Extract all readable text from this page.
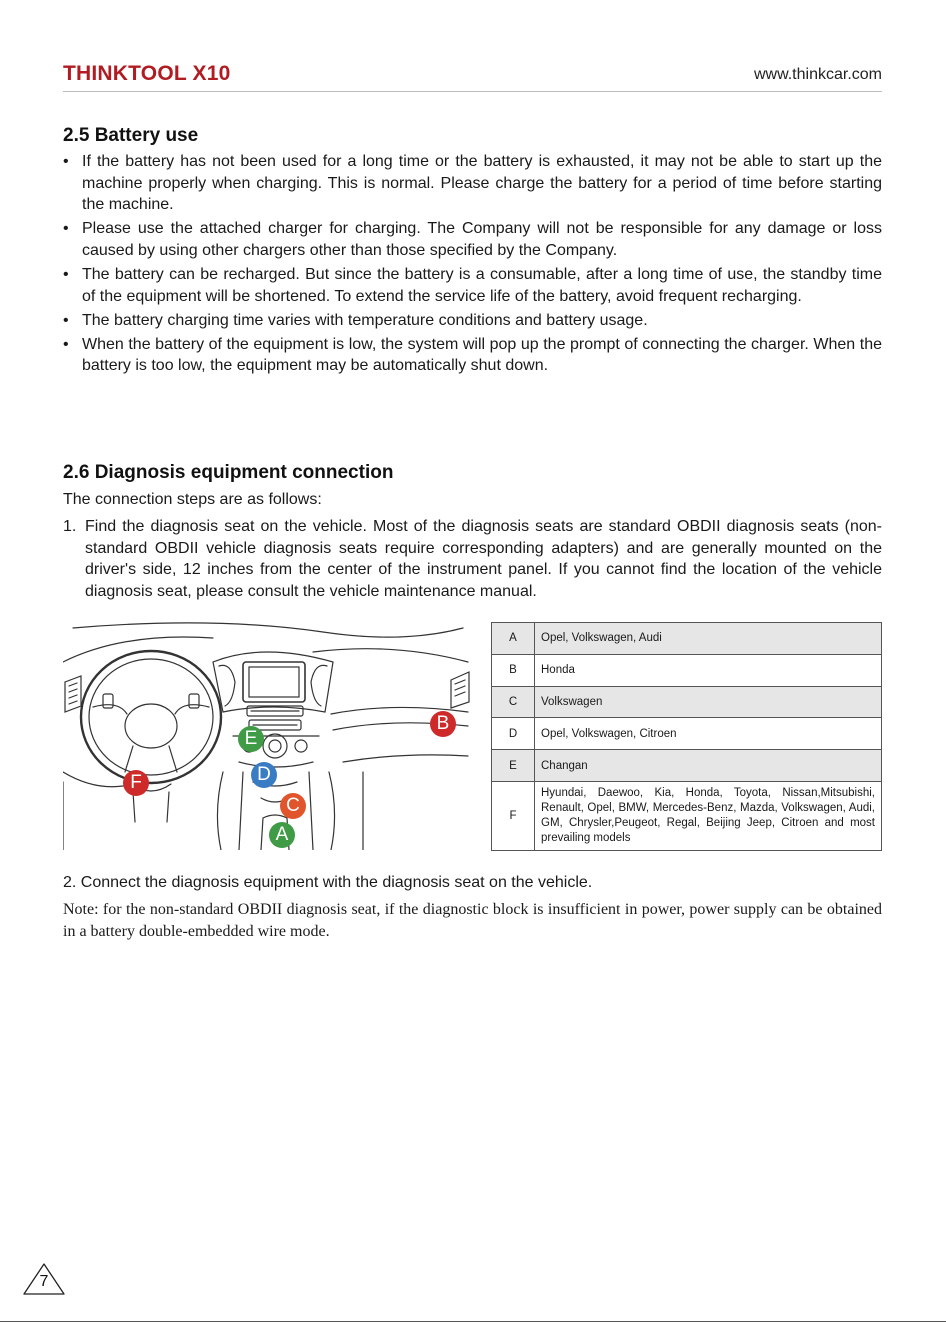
THINKTOOL X10	www.thinkcar.com
2.5 Battery use
• If the battery has not been used for a long time or the battery is exhausted, it may not be able to start up the machine properly when charging. This is normal. Please charge the battery for a period of time before starting the machine.
• Please use the attached charger for charging. The Company will not be responsible for any damage or loss caused by using other chargers other than those specified by the Company.
• The battery can be recharged. But since the battery is a consumable, after a long time of use, the standby time of the equipment will be shortened. To extend the service life of the battery, avoid frequent recharging.
• The battery charging time varies with temperature conditions and battery usage.
• When the battery of the equipment is low, the system will pop up the prompt of connecting the charger. When the battery is too low, the equipment may be automatically shut down.
2.6 Diagnosis equipment connection
The connection steps are as follows:
1. Find the diagnosis seat on the vehicle. Most of the diagnosis seats are standard OBDII diagnosis seats (non-standard OBDII vehicle diagnosis seats require corresponding adapters) and are generally mounted on the driver's side, 12 inches from the center of the instrument panel. If you cannot find the location of the vehicle diagnosis seat, please consult the vehicle maintenance manual.
A
B
C
D
E
F
A	Opel, Volkswagen, Audi
B	Honda
C	Volkswagen
D	Opel, Volkswagen, Citroen
E	Changan
F	Hyundai, Daewoo, Kia, Honda, Toyota, Nissan,Mitsubishi, Renault, Opel, BMW, Mercedes-Benz, Mazda, Volkswagen, Audi, GM, Chrysler,Peugeot, Regal, Beijing Jeep, Citroen and most prevailing models
2. Connect the diagnosis equipment with the diagnosis seat on the vehicle.
Note: for the non-standard OBDII diagnosis seat, if the diagnostic block is insufficient in power, power supply can be obtained in a battery double-embedded wire mode.
7
